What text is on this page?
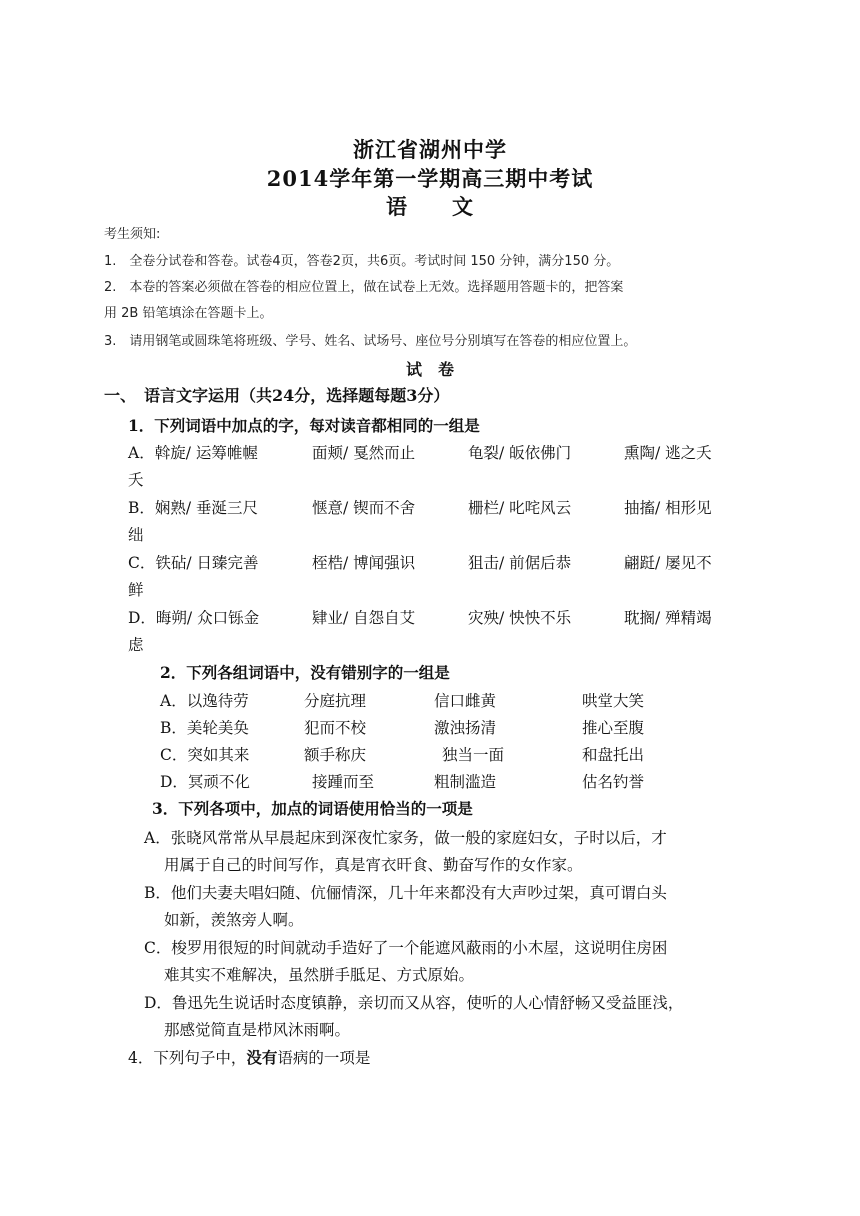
浙江省湖州中学
2014学年第一学期高三期中考试
语　　文
考生须知:
1.　全卷分试卷和答卷。试卷4页，答卷2页，共6页。考试时间 150 分钟，满分150 分。
2.　本卷的答案必须做在答卷的相应位置上，做在试卷上无效。选择题用答题卡的，把答案
用 2B 铅笔填涂在答题卡上。
3.　请用钢笔或圆珠笔将班级、学号、姓名、试场号、座位号分别填写在答卷的相应位置上。
试　卷
一、　语言文字运用（共24分，选择题每题3分）
1．下列词语中加点的字，每对读音都相同的一组是
A．斡旋/ 运筹帷幄	面颊/ 戛然而止	龟裂/ 皈依佛门	熏陶/ 逃之夭
夭
B．娴熟/ 垂涎三尺	惬意/ 锲而不舍	栅栏/ 叱咤风云	抽搐/ 相形见
绌
C．铁砧/ 日臻完善	桎梏/ 博闻强识	狙击/ 前倨后恭	翩跹/ 屡见不
鲜
D．晦朔/ 众口铄金	肄业/ 自怨自艾	灾殃/ 怏怏不乐	耽搁/ 殚精竭
虑
2．下列各组词语中，没有错别字的一组是
A．以逸待劳	分庭抗理	信口雌黄	哄堂大笑
B．美轮美奂	犯而不校	激浊扬清	推心至腹
C．突如其来	额手称庆	独当一面	和盘托出
D．冥顽不化	接踵而至	粗制滥造	估名钓誉
3．下列各项中，加点的词语使用恰当的一项是
A．张晓风常常从早晨起床到深夜忙家务，做一般的家庭妇女，子时以后，才
用属于自己的时间写作，真是宵衣旰食、勤奋写作的女作家。
B．他们夫妻夫唱妇随、伉俪情深，几十年来都没有大声吵过架，真可谓白头
如新，羡煞旁人啊。
C．梭罗用很短的时间就动手造好了一个能遮风蔽雨的小木屋，这说明住房困
难其实不难解决，虽然胼手胝足、方式原始。
D．鲁迅先生说话时态度镇静，亲切而又从容，使听的人心情舒畅又受益匪浅，
那感觉简直是栉风沐雨啊。
4．下列句子中，没有语病的一项是
